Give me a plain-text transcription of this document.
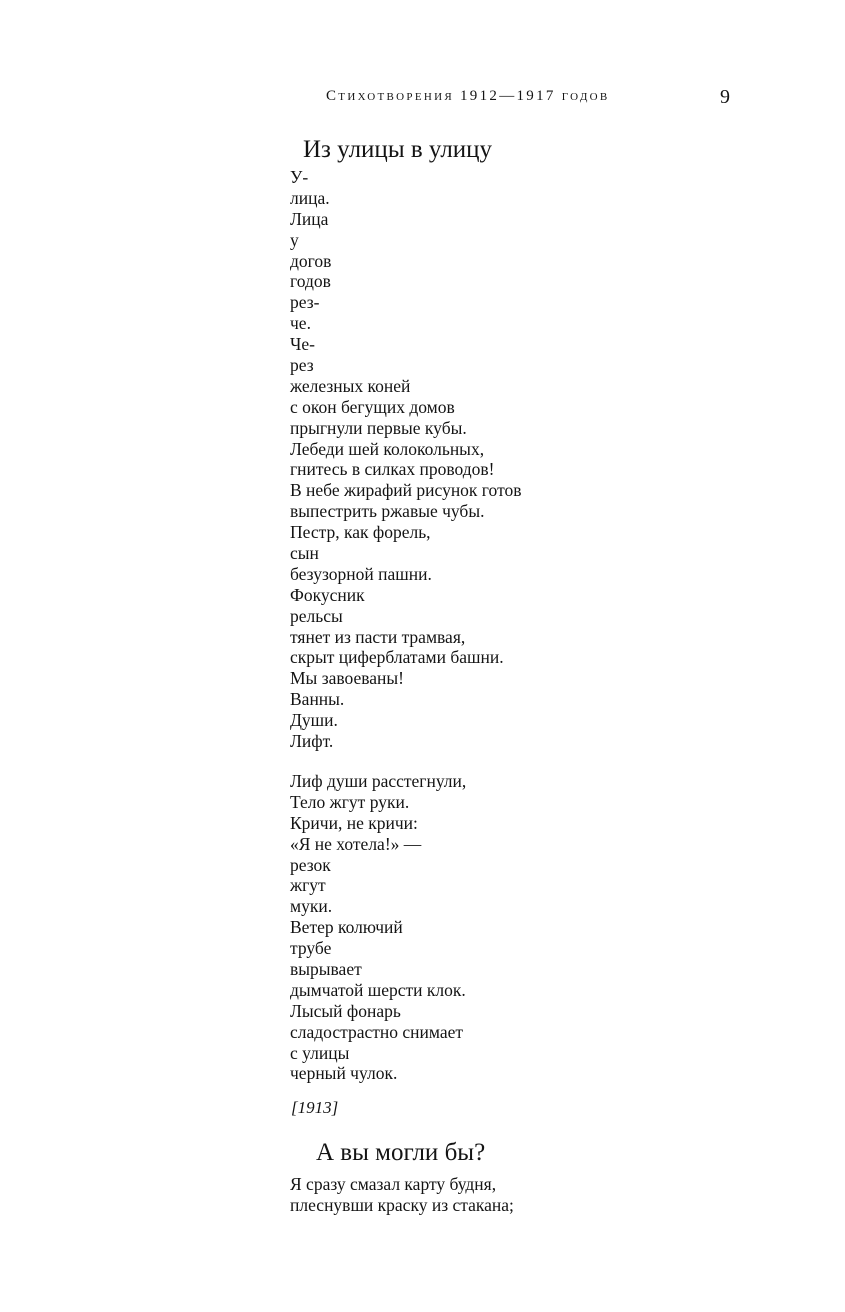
Стихотворения 1912—1917 годов	9
Из улицы в улицу
У-
лица.
Лица
у
догов
годов
рез-
че.
Че-
рез
железных коней
с окон бегущих домов
прыгнули первые кубы.
Лебеди шей колокольных,
гнитесь в силках проводов!
В небе жирафий рисунок готов
выпестрить ржавые чубы.
Пестр, как форель,
сын
безузорной пашни.
Фокусник
рельсы
тянет из пасти трамвая,
скрыт циферблатами башни.
Мы завоеваны!
Ванны.
Души.
Лифт.
Лиф души расстегнули,
Тело жгут руки.
Кричи, не кричи:
«Я не хотела!» —
резок
жгут
муки.
Ветер колючий
трубе
вырывает
дымчатой шерсти клок.
Лысый фонарь
сладострастно снимает
с улицы
черный чулок.
[1913]
А вы могли бы?
Я сразу смазал карту будня,
плеснувши краску из стакана;
